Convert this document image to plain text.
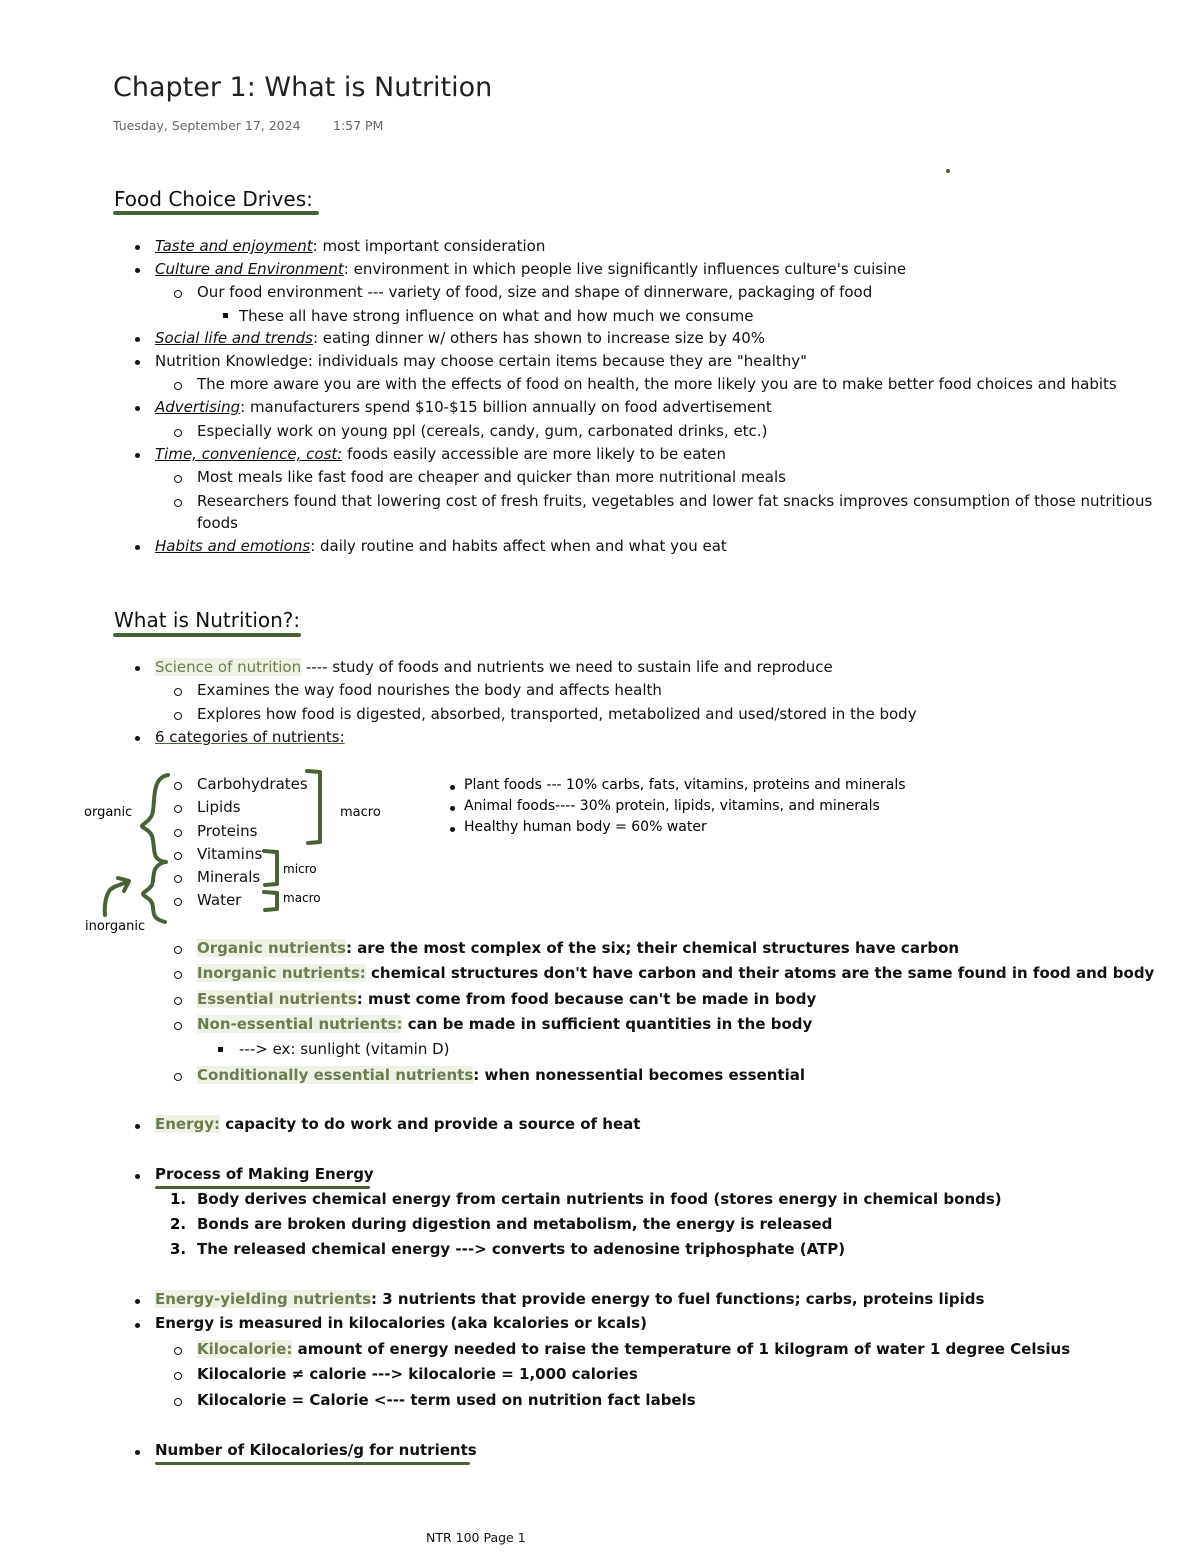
Chapter 1: What is Nutrition
Tuesday, September 17, 2024	1:57 PM
Food Choice Drives:
Taste and enjoyment: most important consideration
Culture and Environment: environment in which people live significantly influences culture's cuisine
Our food environment --- variety of food, size and shape of dinnerware, packaging of food
These all have strong influence on what and how much we consume
Social life and trends: eating dinner w/ others has shown to increase size by 40%
Nutrition Knowledge: individuals may choose certain items because they are "healthy"
The more aware you are with the effects of food on health, the more likely you are to make better food choices and habits
Advertising: manufacturers spend $10-$15 billion annually on food advertisement
Especially work on young ppl (cereals, candy, gum, carbonated drinks, etc.)
Time, convenience, cost: foods easily accessible are more likely to be eaten
Most meals like fast food are cheaper and quicker than more nutritional meals
Researchers found that lowering cost of fresh fruits, vegetables and lower fat snacks improves consumption of those nutritious
foods
Habits and emotions: daily routine and habits affect when and what you eat
What is Nutrition?:
Science of nutrition ---- study of foods and nutrients we need to sustain life and reproduce
Examines the way food nourishes the body and affects health
Explores how food is digested, absorbed, transported, metabolized and used/stored in the body
6 categories of nutrients:
Carbohydrates
Lipids
Proteins
Vitamins
Minerals
Water
organic
inorganic
macro
micro
macro
Plant foods --- 10% carbs, fats, vitamins, proteins and minerals
Animal foods---- 30% protein, lipids, vitamins, and minerals
Healthy human body = 60% water
Organic nutrients: are the most complex of the six; their chemical structures have carbon
Inorganic nutrients: chemical structures don't have carbon and their atoms are the same found in food and body
Essential nutrients: must come from food because can't be made in body
Non-essential nutrients: can be made in sufficient quantities in the body
---> ex: sunlight (vitamin D)
Conditionally essential nutrients: when nonessential becomes essential
Energy: capacity to do work and provide a source of heat
Process of Making Energy
1. Body derives chemical energy from certain nutrients in food (stores energy in chemical bonds)
2. Bonds are broken during digestion and metabolism, the energy is released
3. The released chemical energy ---> converts to adenosine triphosphate (ATP)
Energy-yielding nutrients: 3 nutrients that provide energy to fuel functions; carbs, proteins lipids
Energy is measured in kilocalories (aka kcalories or kcals)
Kilocalorie: amount of energy needed to raise the temperature of 1 kilogram of water 1 degree Celsius
Kilocalorie ≠ calorie ---> kilocalorie = 1,000 calories
Kilocalorie = Calorie <--- term used on nutrition fact labels
Number of Kilocalories/g for nutrients
NTR 100 Page 1
